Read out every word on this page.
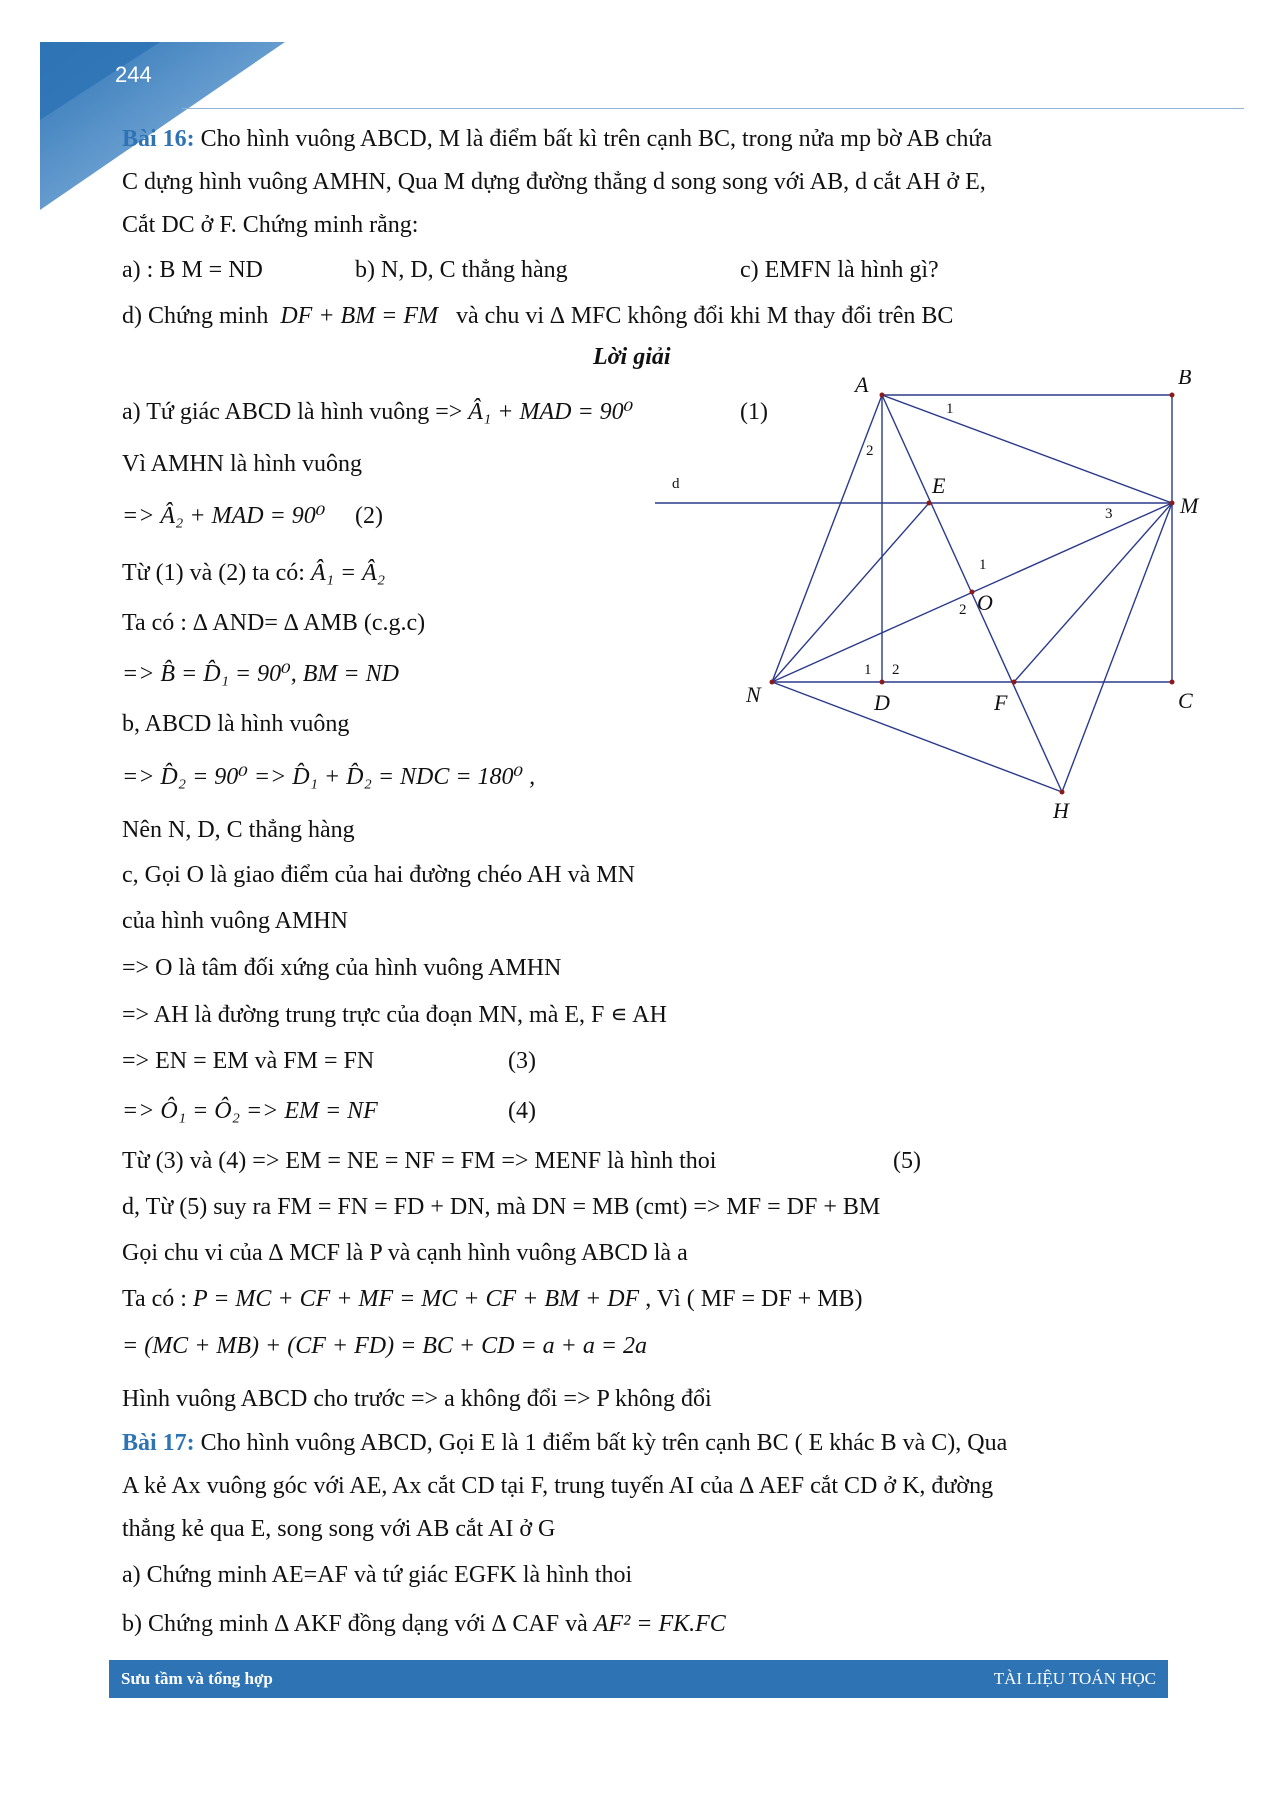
244
Bài 16: Cho hình vuông ABCD, M là điểm bất kì trên cạnh BC, trong nửa mp bờ AB chứa
C dựng hình vuông AMHN, Qua M dựng đường thẳng d song song với AB, d cắt AH ở E,
Cắt DC ở F. Chứng minh rằng:
a) : B M = ND	b) N, D, C thẳng hàng	c) EMFN là hình gì?
d) Chứng minh DF + BM = FM và chu vi ∆ MFC không đổi khi M thay đổi trên BC
Lời giải
a) Tứ giác ABCD là hình vuông => Â₁ + MAD = 90⁰	(1)
Vì AMHN là hình vuông
=> Â₂ + MAD = 90⁰ (2)
Từ (1) và (2) ta có: Â₁ = Â₂
Ta có : ∆ AND= ∆ AMB (c.g.c)
=> B̂ = D̂₁ = 90⁰, BM = ND
b, ABCD là hình vuông
=> D̂₂ = 90⁰ => D̂₁ + D̂₂ = NDC = 180⁰ ,
Nên N, D, C thẳng hàng
c, Gọi O là giao điểm của hai đường chéo AH và MN
của hình vuông AMHN
=> O là tâm đối xứng của hình vuông AMHN
=> AH là đường trung trực của đoạn MN, mà E, F ∊ AH
=> EN = EM và FM = FN	(3)
=> Ô₁ = Ô₂ => EM = NF	(4)
Từ (3) và (4) => EM = NE = NF = FM => MENF là hình thoi	(5)
d, Từ (5) suy ra FM = FN = FD + DN, mà DN = MB (cmt) => MF = DF + BM
Gọi chu vi của ∆ MCF là P và cạnh hình vuông ABCD là a
Ta có : P = MC + CF + MF = MC + CF + BM + DF , Vì ( MF = DF + MB)
= (MC + MB) + (CF + FD) = BC + CD = a + a = 2a
Hình vuông ABCD cho trước => a không đổi => P không đổi
Bài 17: Cho hình vuông ABCD, Gọi E là 1 điểm bất kỳ trên cạnh BC ( E khác B và C), Qua
A kẻ Ax vuông góc với AE, Ax cắt CD tại F, trung tuyến AI của ∆ AEF cắt CD ở K, đường
thẳng kẻ qua E, song song với AB cắt AI ở G
a) Chứng minh AE=AF và tứ giác EGFK là hình thoi
b) Chứng minh ∆ AKF đồng dạng với ∆ CAF và AF² = FK.FC
A	B
C
D
M
N
H
E
F
O
d
1
2
3
1
2
1 2
Sưu tầm và tổng hợp	TÀI LIỆU TOÁN HỌC
